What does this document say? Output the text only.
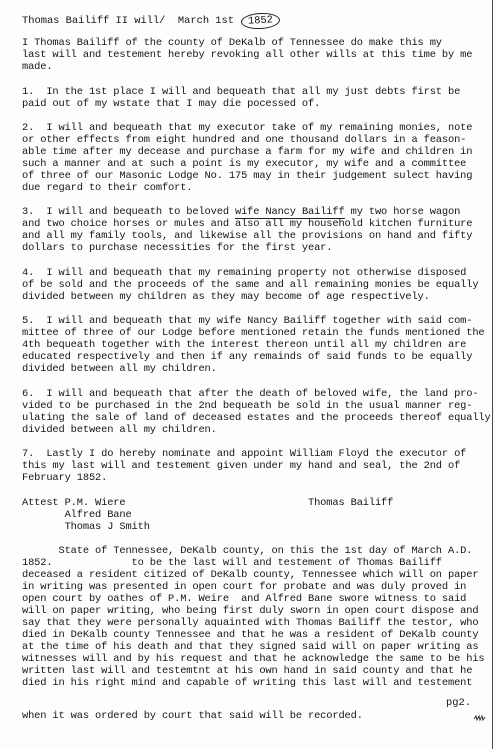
Thomas Bailiff II will/  March 1st 1852
I Thomas Bailiff of the county of DeKalb of Tennessee do make this my
last will and testement hereby revoking all other wills at this time by me
made.
1.  In the 1st place I will and bequeath that all my just debts first be
paid out of my wstate that I may die pocessed of.
2.  I will and bequeath that my executor take of my remaining monies, note
or other effects from eight hundred and one thousand dollars in a feason-
able time after my decease and purchase a farm for my wife and children in
such a manner and at such a point is my executor, my wife and a committee
of three of our Masonic Lodge No. 175 may in their judgement sulect having
due regard to their comfort.
3.  I will and bequeath to beloved wife Nancy Bailiff my two horse wagon
and two choice horses or mules and also all my household kitchen furniture
and all my family tools, and likewise all the provisions on hand and fifty
dollars to purchase necessities for the first year.
4.  I will and bequeath that my remaining property not otherwise disposed
of be sold and the proceeds of the same and all remaining monies be equally
divided between my children as they may become of age respectively.
5.  I will and bequeath that my wife Nancy Bailiff together with said com-
mittee of three of our Lodge before mentioned retain the funds mentioned the
4th bequeath together with the interest thereon until all my children are
educated respectively and then if any remainds of said funds to be equally
divided between all my children.
6.  I will and bequeath that after the death of beloved wife, the land pro-
vided to be purchased in the 2nd bequeath be sold in the usual manner reg-
ulating the sale of land of deceased estates and the proceeds thereof equally
divided between all my children.
7.  Lastly I do hereby nominate and appoint William Floyd the executor of
this my last will and testement given under my hand and seal, the 2nd of
February 1852.
Attest P.M. Wiere                              Thomas Bailiff
Alfred Bane
Thomas J Smith
State of Tennessee, DeKalb county, on this the 1st day of March A.D.
1852.             to be the last will and testement of Thomas Bailiff
deceased a resident citized of DeKalb county, Tennessee which will on paper
in writing was presented in open court for probate and was duly proved in
open court by oathes of P.M. Weire  and Alfred Bane swore witness to said
will on paper writing, who being first duly sworn in open court dispose and
say that they were personally aquainted with Thomas Bailiff the testor, who
died in DeKalb county Tennessee and that he was a resident of DeKalb county
at the time of his death and that they signed said will on paper writing as
witnesses will and by his request and that he acknowledge the same to be his
written last will and testemtnt at his own hand in said county and that he
died in his right mind and capable of writing this last will and testement
pg2.
when it was ordered by court that said will be recorded.
